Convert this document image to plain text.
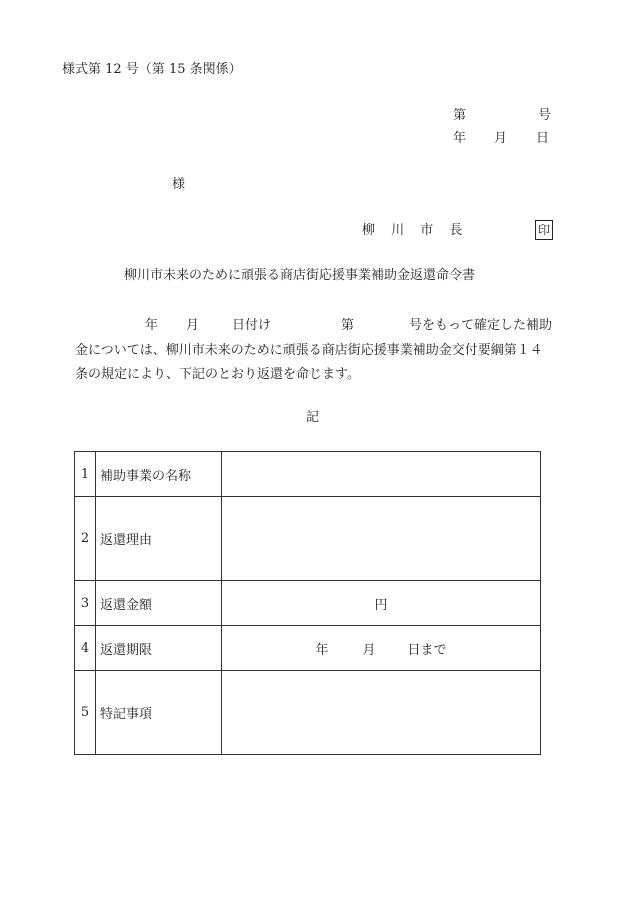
様式第 12 号（第 15 条関係）
第	号
年 月 日
様
柳 川 市 長	印
柳川市未来のために頑張る商店街応援事業補助金返還命令書
年 月	日付け	第	号をもって確定した補助
金については、柳川市未来のために頑張る商店街応援事業補助金交付要綱第１４
条の規定により、下記のとおり返還を命じます。
記
1	補助事業の名称	
2	返還理由	
3	返還金額	円
4	返還期限	年 月 日まで
5	特記事項	
